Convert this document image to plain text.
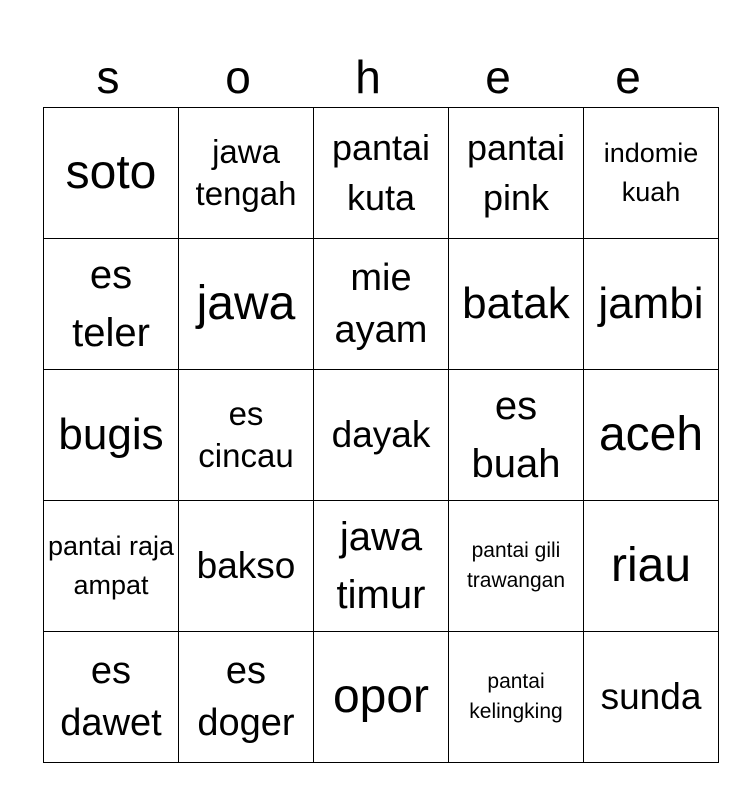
s	o	h	e	e
soto	jawa tengah	pantai kuta	pantai pink	indomie kuah

es teler	jawa	mie ayam	batak	jambi

bugis	es cincau	dayak	es buah	aceh

pantai raja ampat	bakso	jawa timur	pantai gili trawangan	riau

es dawet	es doger	opor	pantai kelingking	sunda
